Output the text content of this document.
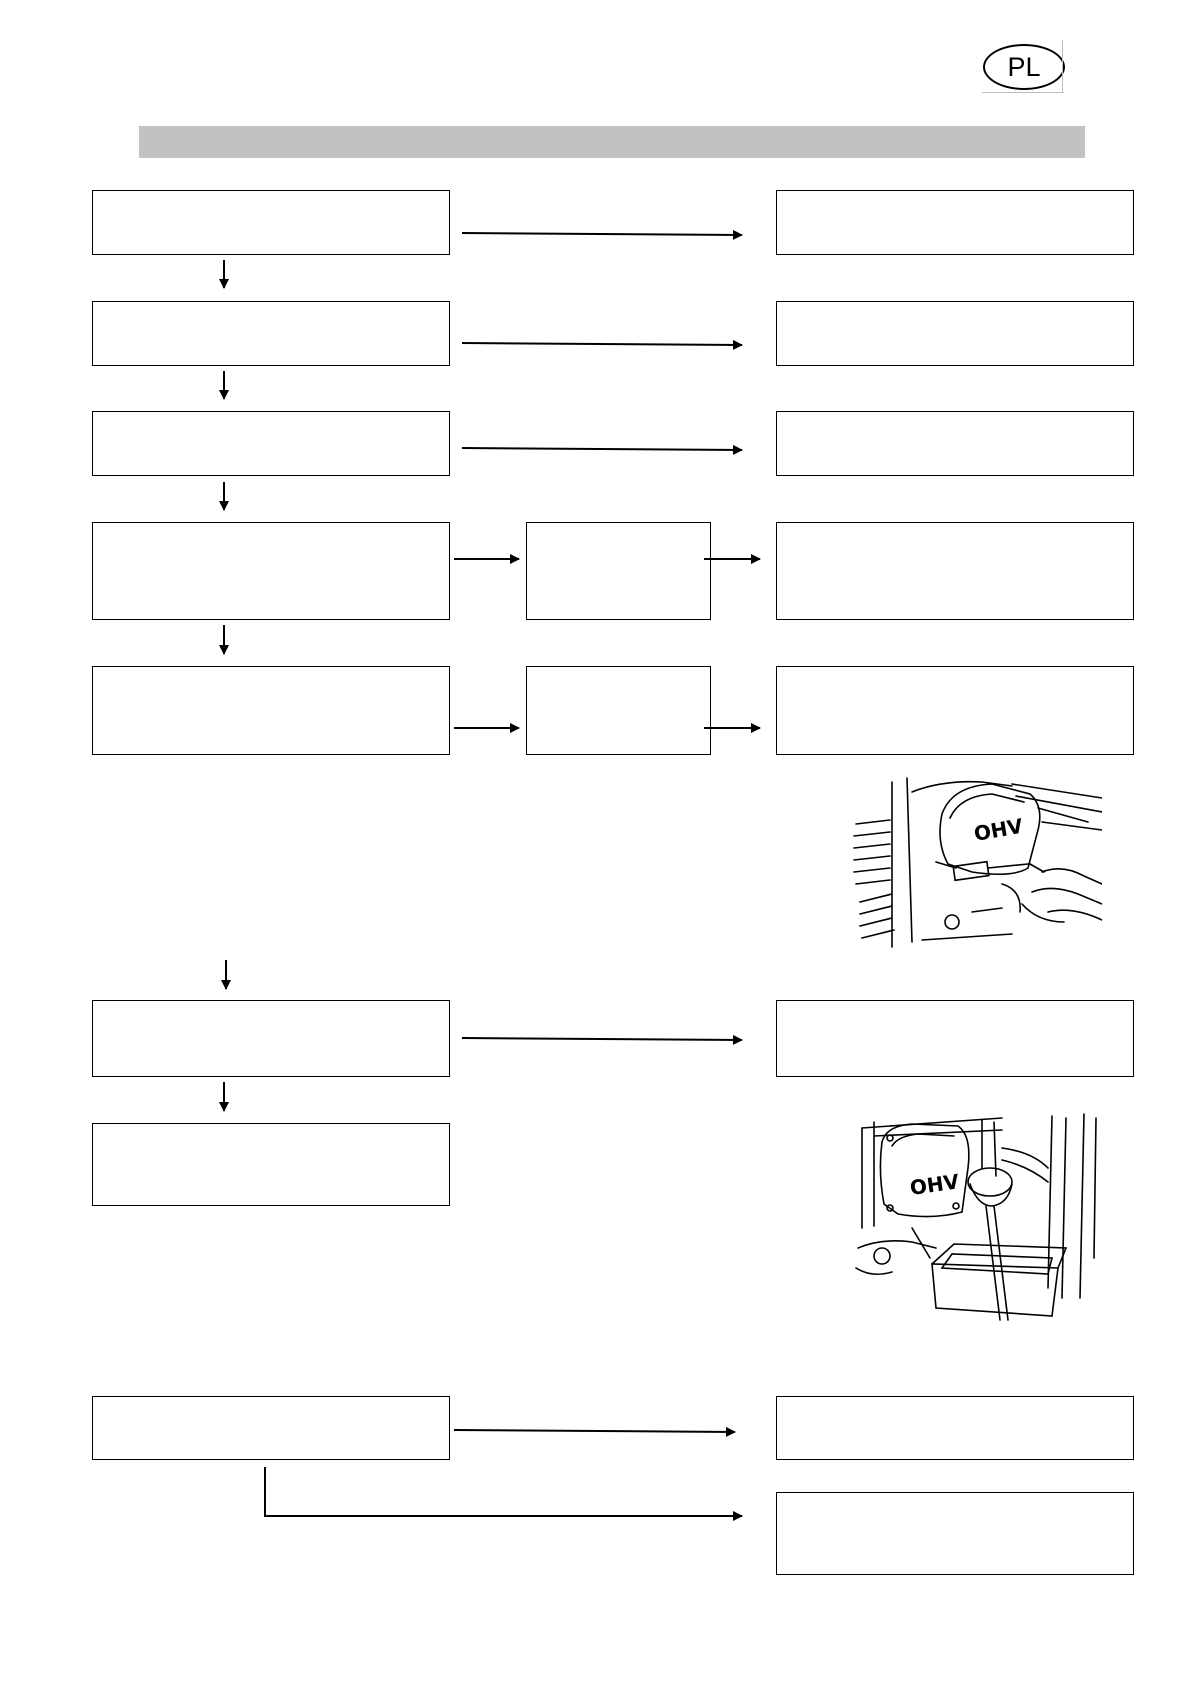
PL
OHV
OHV
